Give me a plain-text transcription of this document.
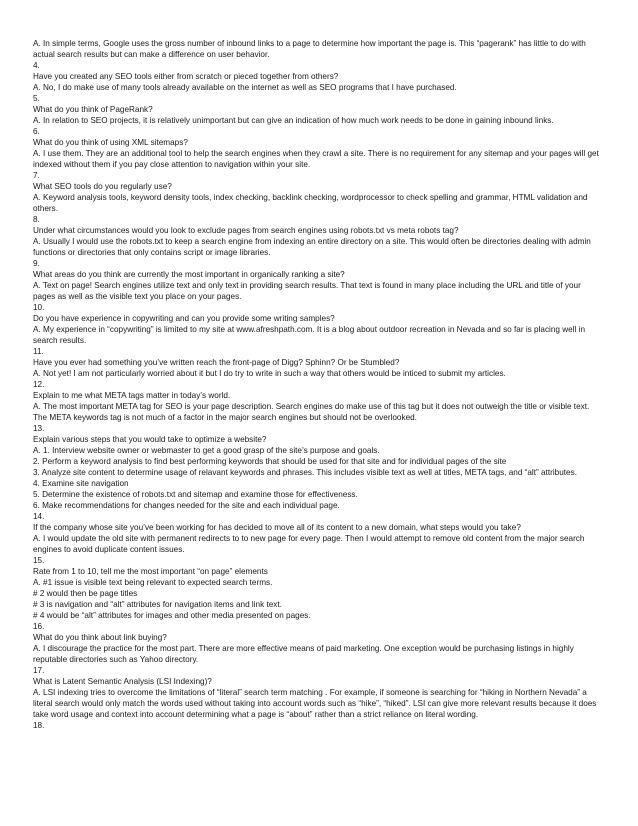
A. In simple terms, Google uses the gross number of inbound links to a page to determine how important the page is. This “pagerank” has little to do with actual search results but can make a difference on user behavior.

4.

Have you created any SEO tools either from scratch or pieced together from others?

A. No, I do make use of many tools already available on the internet as well as SEO programs that I have purchased.

5.

What do you think of PageRank?

A. In relation to SEO projects, it is relatively unimportant but can give an indication of how much work needs to be done in gaining inbound links.

6.

What do you think of using XML sitemaps?

A. I use them. They are an additional tool to help the search engines when they crawl a site. There is no requirement for any sitemap and your pages will get indexed without them if you pay close attention to navigation within your site.

7.

What SEO tools do you regularly use?

A. Keyword analysis tools, keyword density tools, index checking, backlink checking, wordprocessor to check spelling and grammar, HTML validation and others.

8.

Under what circumstances would you look to exclude pages from search engines using robots.txt vs meta robots tag?

A. Usually I would use the robots.txt to keep a search engine from indexing an entire directory on a site. This would often be directories dealing with admin functions or directories that only contains script or image libraries.

9.

What areas do you think are currently the most important in organically ranking a site?

A. Text on page! Search engines utilize text and only text in providing search results. That text is found in many place including the URL and title of your pages as well as the visible text you place on your pages.

10.

Do you have experience in copywriting and can you provide some writing samples?

A. My experience in “copywriting” is limited to my site at www.afreshpath.com. It is a blog about outdoor recreation in Nevada and so far is placing well in search results.

11.

Have you ever had something you’ve written reach the front-page of Digg? Sphinn? Or be Stumbled?

A. Not yet! I am not particularly worried about it but I do try to write in such a way that others would be inticed to submit my articles.

12.

Explain to me what META tags matter in today’s world.

A. The most important META tag for SEO is your page description. Search engines do make use of this tag but it does not outweigh the title or visible text. The META keywords tag is not much of a factor in the major search engines but should not be overlooked.

13.

Explain various steps that you would take to optimize a website?

A. 1. Interview website owner or webmaster to get a good grasp of the site’s purpose and goals.

2. Perform a keyword analysis to find best performing keywords that should be used for that site and for individual pages of the site

3. Analyze site content to determine usage of relavant keywords and phrases. This includes visible text as well at titles, META tags, and “alt” attributes.

4. Examine site navigation

5. Determine the existence of robots.txt and sitemap and examine those for effectiveness.

6. Make recommendations for changes needed for the site and each individual page.

14.

If the company whose site you’ve been working for has decided to move all of its content to a new domain, what steps would you take?

A. I would update the old site with permanent redirects to to new page for every page. Then I would attempt to remove old content from the major search engines to avoid duplicate content issues.

15.

Rate from 1 to 10, tell me the most important “on page” elements

A. #1 issue is visible text being relevant to expected search terms.

# 2 would then be page titles

# 3 is navigation and “alt” attributes for navigation items and link text.

# 4 would be “alt” attributes for images and other media presented on pages.

16.

What do you think about link buying?

A. I discourage the practice for the most part. There are more effective means of paid marketing. One exception would be purchasing listings in highly reputable directories such as Yahoo directory.

17.

What is Latent Semantic Analysis (LSI Indexing)?

A. LSI indexing tries to overcome the limitations of “literal” search term matching . For example, if someone is searching for “hiking in Northern Nevada” a literal search would only match the words used without taking into account words such as “hike”, “hiked”. LSI can give more relevant results because it does take word usage and context into account determining what a page is “about” rather than a strict reliance on literal wording.

18.
